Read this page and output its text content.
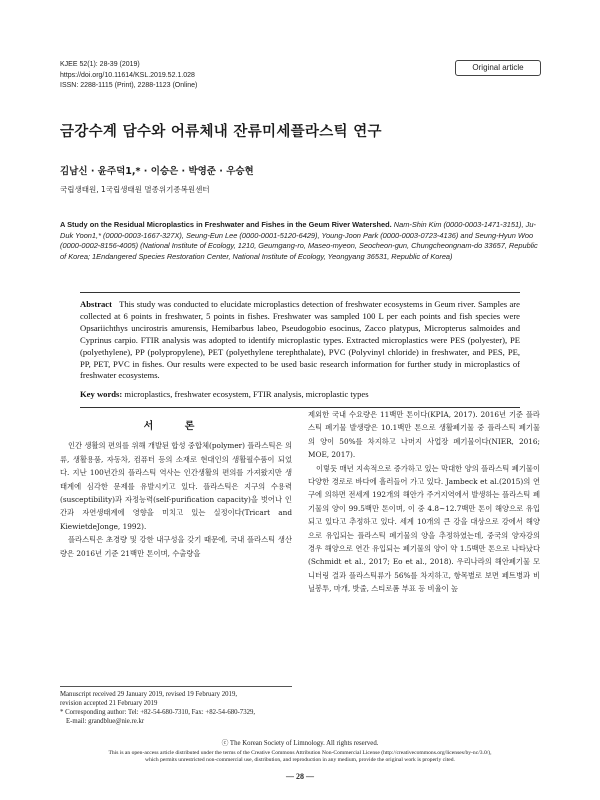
KJEE 52(1): 28-39 (2019)
https://doi.org/10.11614/KSL.2019.52.1.028
ISSN: 2288-1115 (Print), 2288-1123 (Online)
Original article
금강수계 담수와 어류체내 잔류미세플라스틱 연구
김남신 · 윤주덕1,* · 이승은 · 박영준 · 우승현
국립생태원, 1국립생태원 멸종위기종복원센터
A Study on the Residual Microplastics in Freshwater and Fishes in the Geum River Watershed. Nam-Shin Kim (0000-0003-1471-3151), Ju-Duk Yoon1,* (0000-0003-1667-327X), Seung-Eun Lee (0000-0001-5120-6429), Young-Joon Park (0000-0003-0723-4136) and Seung-Hyun Woo (0000-0002-8156-4005) (National Institute of Ecology, 1210, Geumgang-ro, Maseo-myeon, Seocheon-gun, Chungcheongnam-do 33657, Republic of Korea; 1Endangered Species Restoration Center, National Institute of Ecology, Yeongyang 36531, Republic of Korea)
Abstract This study was conducted to elucidate microplastics detection of freshwater ecosystems in Geum river. Samples are collected at 6 points in freshwater, 5 points in fishes. Freshwater was sampled 100 L per each points and fish species were Opsariichthys uncirostris amurensis, Hemibarbus labeo, Pseudogobio esocinus, Zacco platypus, Micropterus salmoides and Cyprinus carpio. FTIR analysis was adopted to identify microplastic types. Extracted microplastics were PES (polyester), PE (polyethylene), PP (polypropylene), PET (polyethylene terephthalate), PVC (Polyvinyl chloride) in freshwater, and PES, PE, PP, PET, PVC in fishes. Our results were expected to be used basic research information for further study in microplastics of freshwater ecosystems.
Key words: microplastics, freshwater ecosystem, FTIR analysis, microplastic types
서 론

인간 생활의 편의를 위해 개발된 합성 중합체(polymer) 플라스틱은 의류, 생활용품, 자동차, 컴퓨터 등의 소재로 현대인의 생활필수품이 되었다. 지난 100년간의 플라스틱 역사는 인간생활의 편의를 가져왔지만 생태계에 심각한 문제를 유발시키고 있다. 플라스틱은 지구의 수용력(susceptibility)과 자정능력(self-purification capacity)을 벗어나 인간과 자연생태계에 영향을 미치고 있는 실정이다(Tricart and KiewietdeJonge, 1992).

플라스틱은 초경량 및 강한 내구성을 갖기 때문에, 국내 플라스틱 생산량은 2016년 기준 21백만 톤이며, 수출량을

제외한 국내 수요량은 11백만 톤이다(KPIA, 2017). 2016년 기준 플라스틱 폐기물 발생량은 10.1백만 톤으로 생활폐기물 중 플라스틱 폐기물의 양이 50%를 차지하고 나머지 사업장 폐기물이다(NIER, 2016; MOE, 2017).

이렇듯 매년 지속적으로 증가하고 있는 막대한 양의 플라스틱 폐기물이 다양한 경로로 바다에 흘러들어 가고 있다. Jambeck et al.(2015)의 연구에 의하면 전세계 192개의 해안가 주거지역에서 발생하는 플라스틱 폐기물의 양이 99.5백만 톤이며, 이 중 4.8~12.7백만 톤이 해양으로 유입되고 있다고 추정하고 있다. 세계 10개의 큰 강을 대상으로 강에서 해양으로 유입되는 플라스틱 폐기물의 양을 추정하였는데, 중국의 양자강의 경우 해양으로 연간 유입되는 폐기물의 양이 약 1.5백만 톤으로 나타났다(Schmidt et al., 2017; Eo et al., 2018). 우리나라의 해안폐기물 모니터링 결과 플라스틱류가 56%를 차지하고, 항목별로 보면 페트병과 비닐봉투, 마개, 밧줄, 스티로폼 부표 등 비율이 높

Manuscript received 29 January 2019, revised 19 February 2019,
revision accepted 21 February 2019
* Corresponding author: Tel: +82-54-680-7310, Fax: +82-54-680-7329,
E-mail: grandblue@nie.re.kr
ⓒ The Korean Society of Limnology. All rights reserved.
This is an open-access article distributed under the terms of the Creative Commons Attribution Non-Commercial License (http://creativecommons.org/licenses/by-nc/3.0/),
which permits unrestricted non-commercial use, distribution, and reproduction in any medium, provide the original work is properly cited.
— 28 —
